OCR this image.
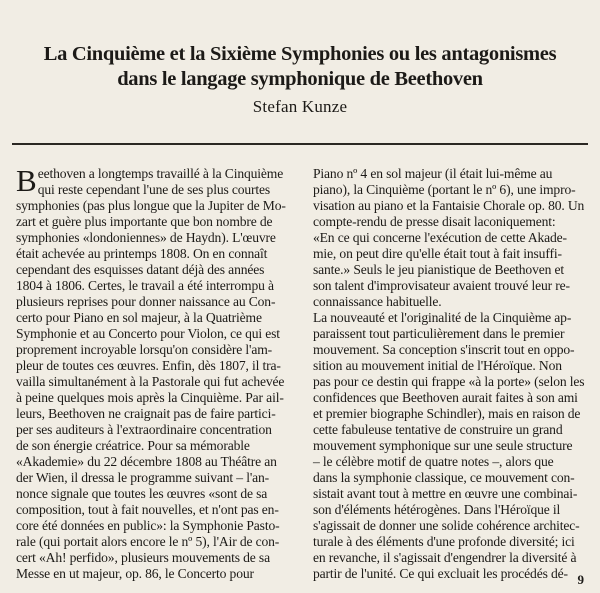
La Cinquième et la Sixième Symphonies ou les antagonismes
dans le langage symphonique de Beethoven
Stefan Kunze
B eethoven a longtemps travaillé à la Cinquième
qui reste cependant l'une de ses plus courtes
symphonies (pas plus longue que la Jupiter de Mo-
zart et guère plus importante que bon nombre de
symphonies «londoniennes» de Haydn). L'œuvre
était achevée au printemps 1808. On en connaît
cependant des esquisses datant déjà des années
1804 à 1806. Certes, le travail a été interrompu à
plusieurs reprises pour donner naissance au Con-
certo pour Piano en sol majeur, à la Quatrième
Symphonie et au Concerto pour Violon, ce qui est
proprement incroyable lorsqu'on considère l'am-
pleur de toutes ces œuvres. Enfin, dès 1807, il tra-
vailla simultanément à la Pastorale qui fut achevée
à peine quelques mois après la Cinquième. Par ail-
leurs, Beethoven ne craignait pas de faire partici-
per ses auditeurs à l'extraordinaire concentration
de son énergie créatrice. Pour sa mémorable
«Akademie» du 22 décembre 1808 au Théâtre an
der Wien, il dressa le programme suivant – l'an-
nonce signale que toutes les œuvres «sont de sa
composition, tout à fait nouvelles, et n'ont pas en-
core été données en public»: la Symphonie Pasto-
rale (qui portait alors encore le nº 5), l'Air de con-
cert «Ah! perfido», plusieurs mouvements de sa
Messe en ut majeur, op. 86, le Concerto pour
Piano nº 4 en sol majeur (il était lui-même au
piano), la Cinquième (portant le nº 6), une impro-
visation au piano et la Fantaisie Chorale op. 80. Un
compte-rendu de presse disait laconiquement:
«En ce qui concerne l'exécution de cette Akade-
mie, on peut dire qu'elle était tout à fait insuffi-
sante.» Seuls le jeu pianistique de Beethoven et
son talent d'improvisateur avaient trouvé leur re-
connaissance habituelle.
La nouveauté et l'originalité de la Cinquième ap-
paraissent tout particulièrement dans le premier
mouvement. Sa conception s'inscrit tout en oppo-
sition au mouvement initial de l'Héroïque. Non
pas pour ce destin qui frappe «à la porte» (selon les
confidences que Beethoven aurait faites à son ami
et premier biographe Schindler), mais en raison de
cette fabuleuse tentative de construire un grand
mouvement symphonique sur une seule structure
– le célèbre motif de quatre notes –, alors que
dans la symphonie classique, ce mouvement con-
sistait avant tout à mettre en œuvre une combinai-
son d'éléments hétérogènes. Dans l'Héroïque il
s'agissait de donner une solide cohérence architec-
turale à des éléments d'une profonde diversité; ici
en revanche, il s'agissait d'engendrer la diversité à
partir de l'unité. Ce qui excluait les procédés dé- 9
